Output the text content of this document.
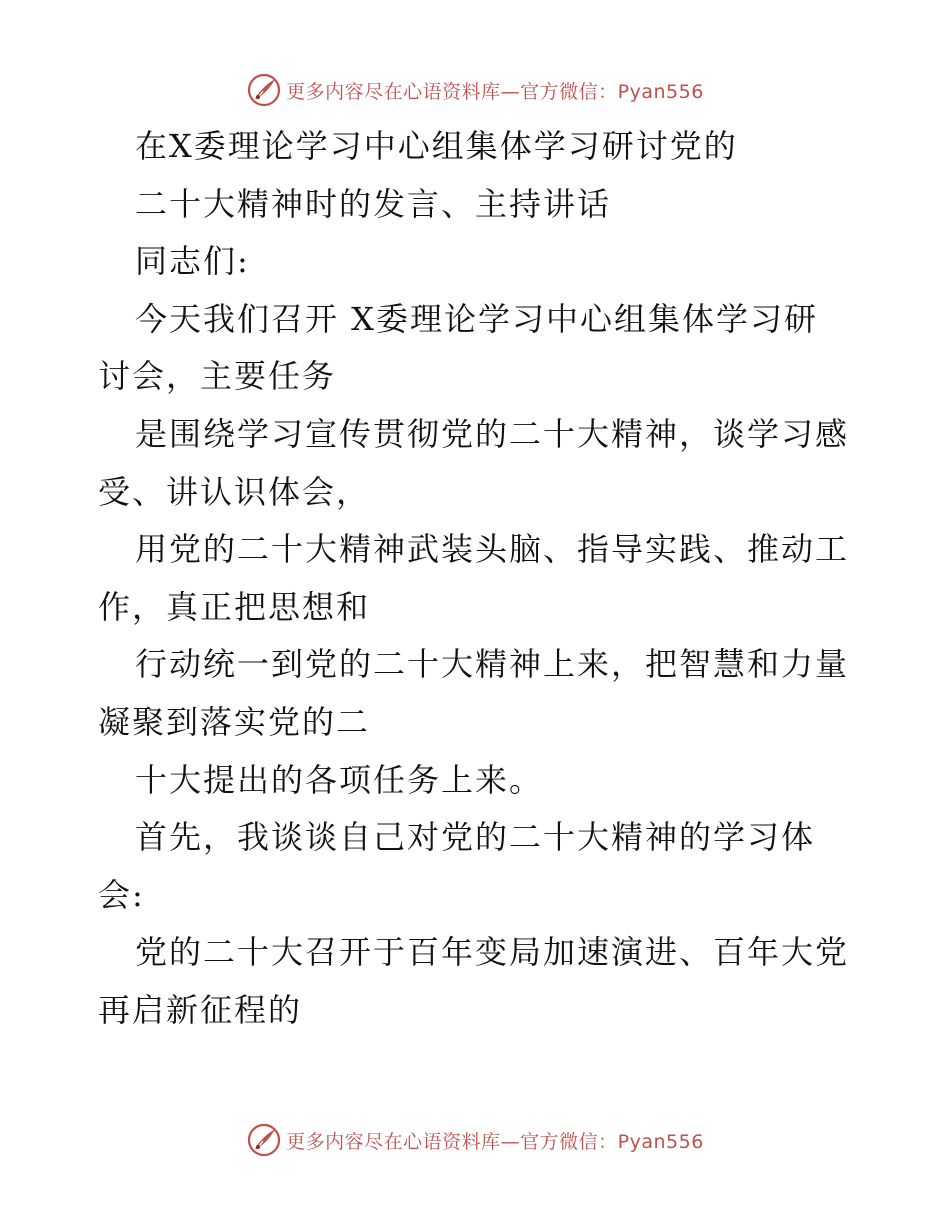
更多内容尽在心语资料库—官方微信：Pyan556
在X委理论学习中心组集体学习研讨党的
二十大精神时的发言、主持讲话
同志们:
今天我们召开 X委理论学习中心组集体学习研
讨会，主要任务
是围绕学习宣传贯彻党的二十大精神，谈学习感
受、讲认识体会，
用党的二十大精神武装头脑、指导实践、推动工
作，真正把思想和
行动统一到党的二十大精神上来，把智慧和力量
凝聚到落实党的二
十大提出的各项任务上来。
首先，我谈谈自己对党的二十大精神的学习体
会:
党的二十大召开于百年变局加速演进、百年大党
再启新征程的
更多内容尽在心语资料库—官方微信：Pyan556
